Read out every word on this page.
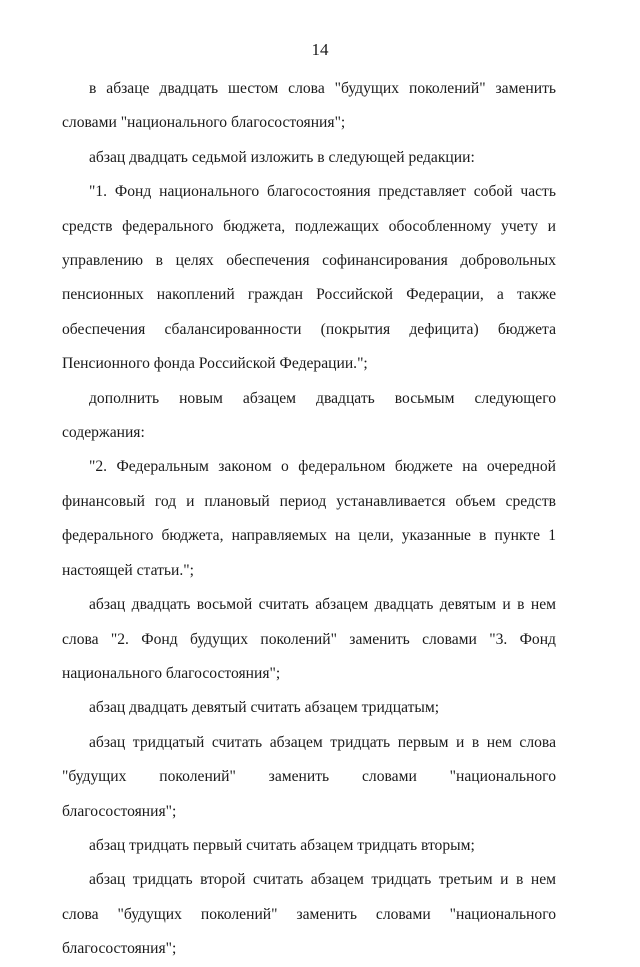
14

в абзаце двадцать шестом слова "будущих поколений" заменить словами "национального благосостояния";

абзац двадцать седьмой изложить в следующей редакции:

"1. Фонд национального благосостояния представляет собой часть средств федерального бюджета, подлежащих обособленному учету и управлению в целях обеспечения софинансирования добровольных пенсионных накоплений граждан Российской Федерации, а также обеспечения сбалансированности (покрытия дефицита) бюджета Пенсионного фонда Российской Федерации.";

дополнить новым абзацем двадцать восьмым следующего содержания:

"2. Федеральным законом о федеральном бюджете на очередной финансовый год и плановый период устанавливается объем средств федерального бюджета, направляемых на цели, указанные в пункте 1 настоящей статьи.";

абзац двадцать восьмой считать абзацем двадцать девятым и в нем слова "2. Фонд будущих поколений" заменить словами "3. Фонд национального благосостояния";

абзац двадцать девятый считать абзацем тридцатым;

абзац тридцатый считать абзацем тридцать первым и в нем слова "будущих поколений" заменить словами "национального благосостояния";

абзац тридцать первый считать абзацем тридцать вторым;

абзац тридцать второй считать абзацем тридцать третьим и в нем слова "будущих поколений" заменить словами "национального благосостояния";
